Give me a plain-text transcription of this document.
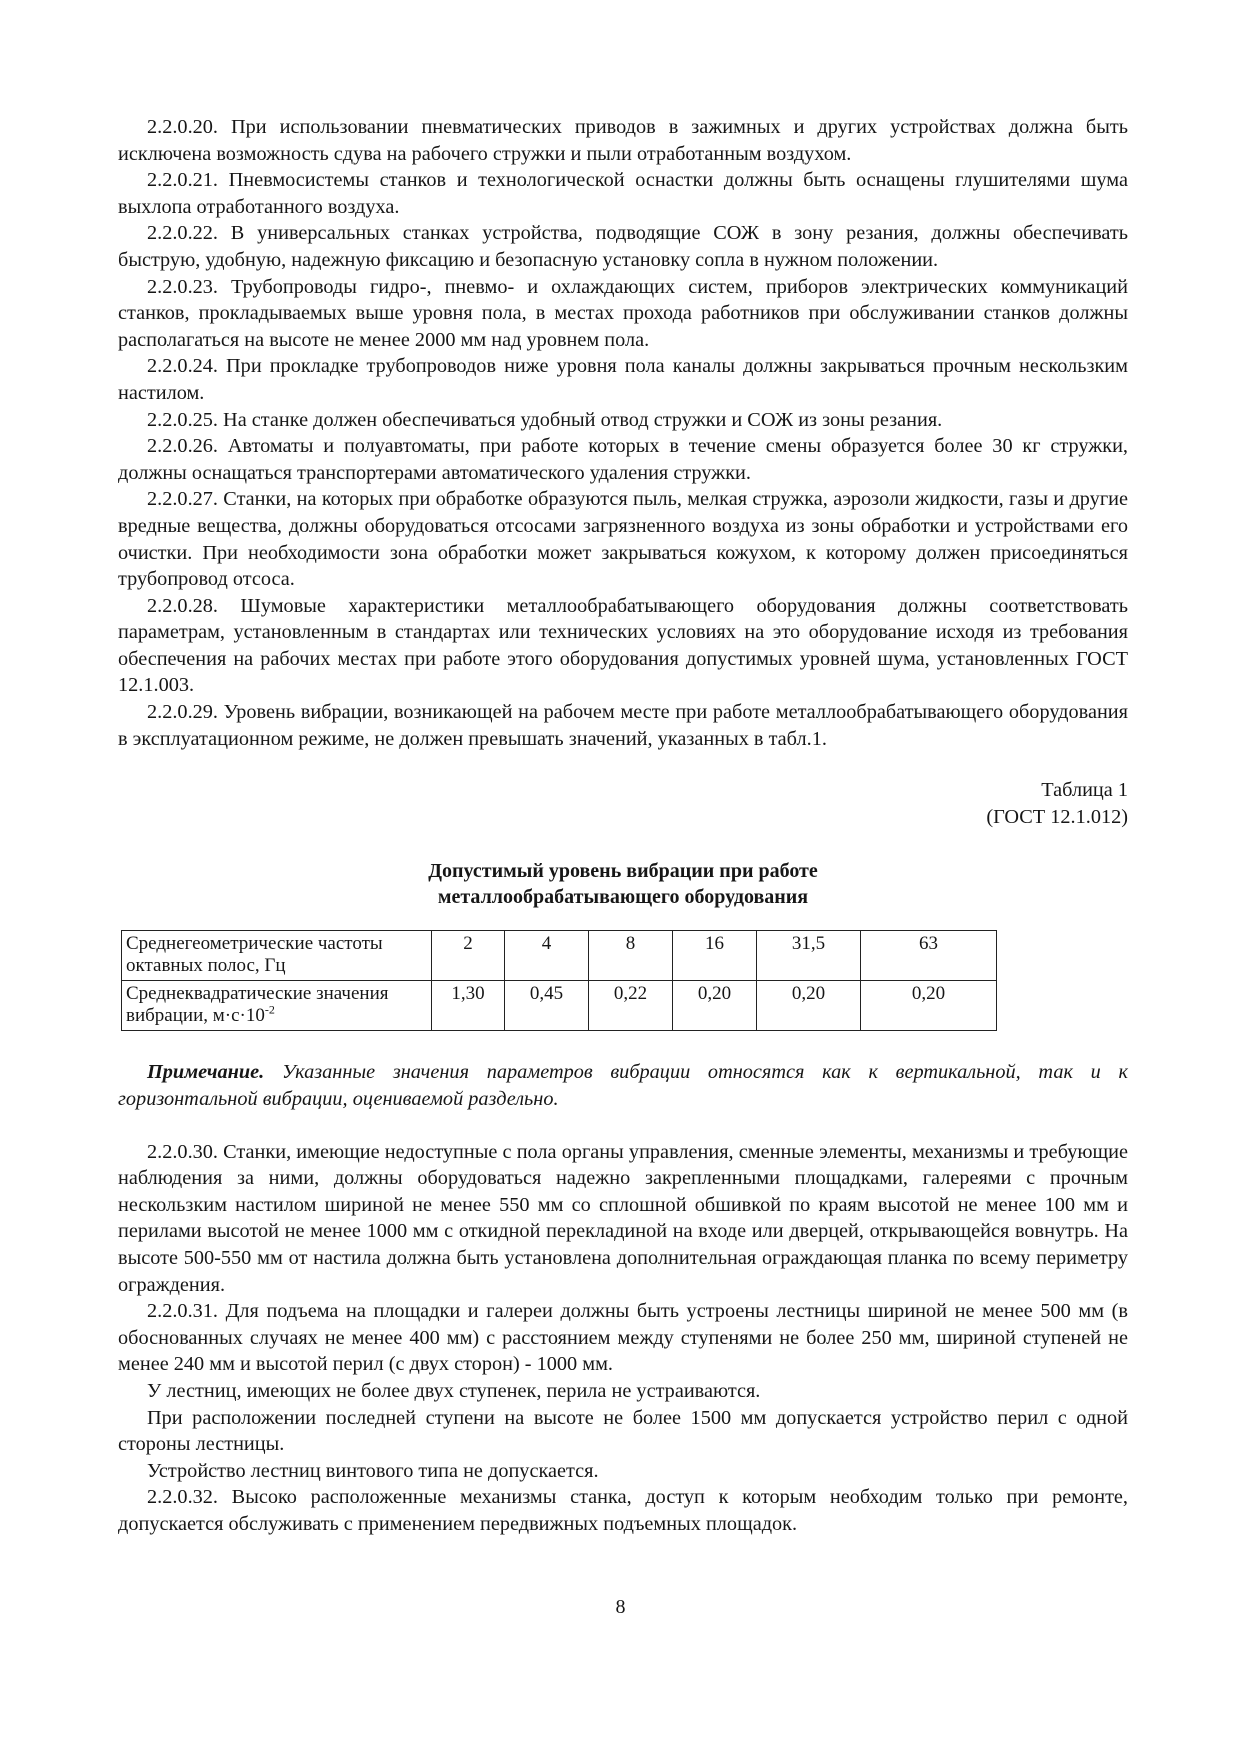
2.2.0.20. При использовании пневматических приводов в зажимных и других устройствах должна быть исключена возможность сдува на рабочего стружки и пыли отработанным воздухом.

2.2.0.21. Пневмосистемы станков и технологической оснастки должны быть оснащены глушителями шума выхлопа отработанного воздуха.

2.2.0.22. В универсальных станках устройства, подводящие СОЖ в зону резания, должны обеспечивать быструю, удобную, надежную фиксацию и безопасную установку сопла в нужном положении.

2.2.0.23. Трубопроводы гидро-, пневмо- и охлаждающих систем, приборов электрических коммуникаций станков, прокладываемых выше уровня пола, в местах прохода работников при обслуживании станков должны располагаться на высоте не менее 2000 мм над уровнем пола.

2.2.0.24. При прокладке трубопроводов ниже уровня пола каналы должны закрываться прочным нескользким настилом.

2.2.0.25. На станке должен обеспечиваться удобный отвод стружки и СОЖ из зоны резания.

2.2.0.26. Автоматы и полуавтоматы, при работе которых в течение смены образуется более 30 кг стружки, должны оснащаться транспортерами автоматического удаления стружки.

2.2.0.27. Станки, на которых при обработке образуются пыль, мелкая стружка, аэрозоли жидкости, газы и другие вредные вещества, должны оборудоваться отсосами загрязненного воздуха из зоны обработки и устройствами его очистки. При необходимости зона обработки может закрываться кожухом, к которому должен присоединяться трубопровод отсоса.

2.2.0.28. Шумовые характеристики металлообрабатывающего оборудования должны соответствовать параметрам, установленным в стандартах или технических условиях на это оборудование исходя из требования обеспечения на рабочих местах при работе этого оборудования допустимых уровней шума, установленных ГОСТ 12.1.003.

2.2.0.29. Уровень вибрации, возникающей на рабочем месте при работе металлообрабатывающего оборудования в эксплуатационном режиме, не должен превышать значений, указанных в табл.1.

Таблица 1

(ГОСТ 12.1.012)

Допустимый уровень вибрации при работе
металлообрабатывающего оборудования
Среднегеометрические частоты
октавных полос, Гц	2	4	8	16	31,5	63

Среднеквадратические значения
вибрации, $м\cdot с\cdot 10^{-2}$	1,30	0,45	0,22	0,20	0,20	0,20

Примечание. Указанные значения параметров вибрации относятся как к вертикальной, так и к горизонтальной вибрации, оцениваемой раздельно.

2.2.0.30. Станки, имеющие недоступные с пола органы управления, сменные элементы, механизмы и требующие наблюдения за ними, должны оборудоваться надежно закрепленными площадками, галереями с прочным нескользким настилом шириной не менее 550 мм со сплошной обшивкой по краям высотой не менее 100 мм и перилами высотой не менее 1000 мм с откидной перекладиной на входе или дверцей, открывающейся вовнутрь. На высоте 500-550 мм от настила должна быть установлена дополнительная ограждающая планка по всему периметру ограждения.

2.2.0.31. Для подъема на площадки и галереи должны быть устроены лестницы шириной не менее 500 мм (в обоснованных случаях не менее 400 мм) с расстоянием между ступенями не более 250 мм, шириной ступеней не менее 240 мм и высотой перил (с двух сторон) - 1000 мм.

У лестниц, имеющих не более двух ступенек, перила не устраиваются.

При расположении последней ступени на высоте не более 1500 мм допускается устройство перил с одной стороны лестницы.

Устройство лестниц винтового типа не допускается.

2.2.0.32. Высоко расположенные механизмы станка, доступ к которым необходим только при ремонте, допускается обслуживать с применением передвижных подъемных площадок.

8
